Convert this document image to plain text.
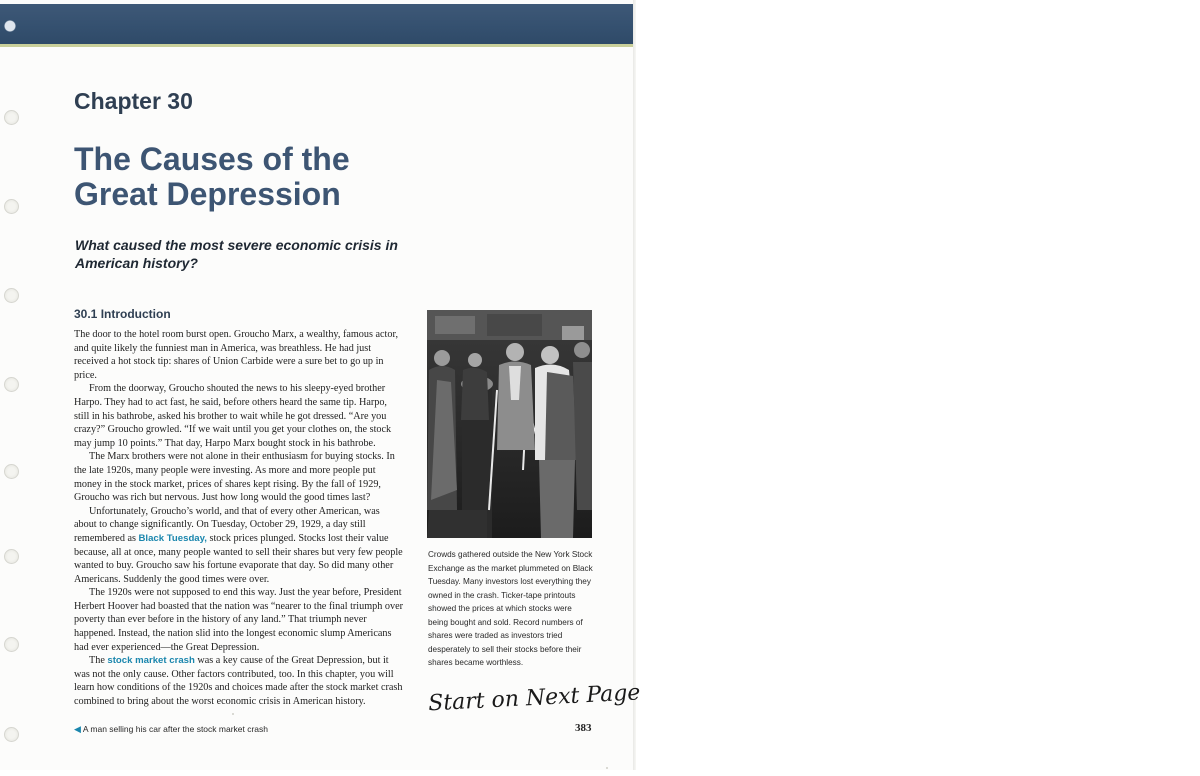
Chapter 30
The Causes of the
Great Depression
What caused the most severe economic crisis in American history?
30.1 Introduction

The door to the hotel room burst open. Groucho Marx, a wealthy, famous actor, and quite likely the funniest man in America, was breathless. He had just received a hot stock tip: shares of Union Carbide were a sure bet to go up in price.

From the doorway, Groucho shouted the news to his sleepy-eyed brother Harpo. They had to act fast, he said, before others heard the same tip. Harpo, still in his bathrobe, asked his brother to wait while he got dressed. “Are you crazy?” Groucho growled. “If we wait until you get your clothes on, the stock may jump 10 points.” That day, Harpo Marx bought stock in his bathrobe.

The Marx brothers were not alone in their enthusiasm for buying stocks. In the late 1920s, many people were investing. As more and more people put money in the stock market, prices of shares kept rising. By the fall of 1929, Groucho was rich but nervous. Just how long would the good times last?

Unfortunately, Groucho’s world, and that of every other American, was about to change significantly. On Tuesday, October 29, 1929, a day still remembered as Black Tuesday, stock prices plunged. Stocks lost their value because, all at once, many people wanted to sell their shares but very few people wanted to buy. Groucho saw his fortune evaporate that day. So did many other Americans. Suddenly the good times were over.

The 1920s were not supposed to end this way. Just the year before, President Herbert Hoover had boasted that the nation was “nearer to the final triumph over poverty than ever before in the history of any land.” That triumph never happened. Instead, the nation slid into the longest economic slump Americans had ever experienced—the Great Depression.

The stock market crash was a key cause of the Great Depression, but it was not the only cause. Other factors contributed, too. In this chapter, you will learn how conditions of the 1920s and choices made after the stock market crash combined to bring about the worst economic crisis in American history.

Crowds gathered outside the New York Stock Exchange as the market plummeted on Black Tuesday. Many investors lost everything they owned in the crash. Ticker-tape printouts showed the prices at which stocks were being bought and sold. Record numbers of shares were traded as investors tried desperately to sell their stocks before their shares became worthless.
Start on Next Page
◀ A man selling his car after the stock market crash	383
